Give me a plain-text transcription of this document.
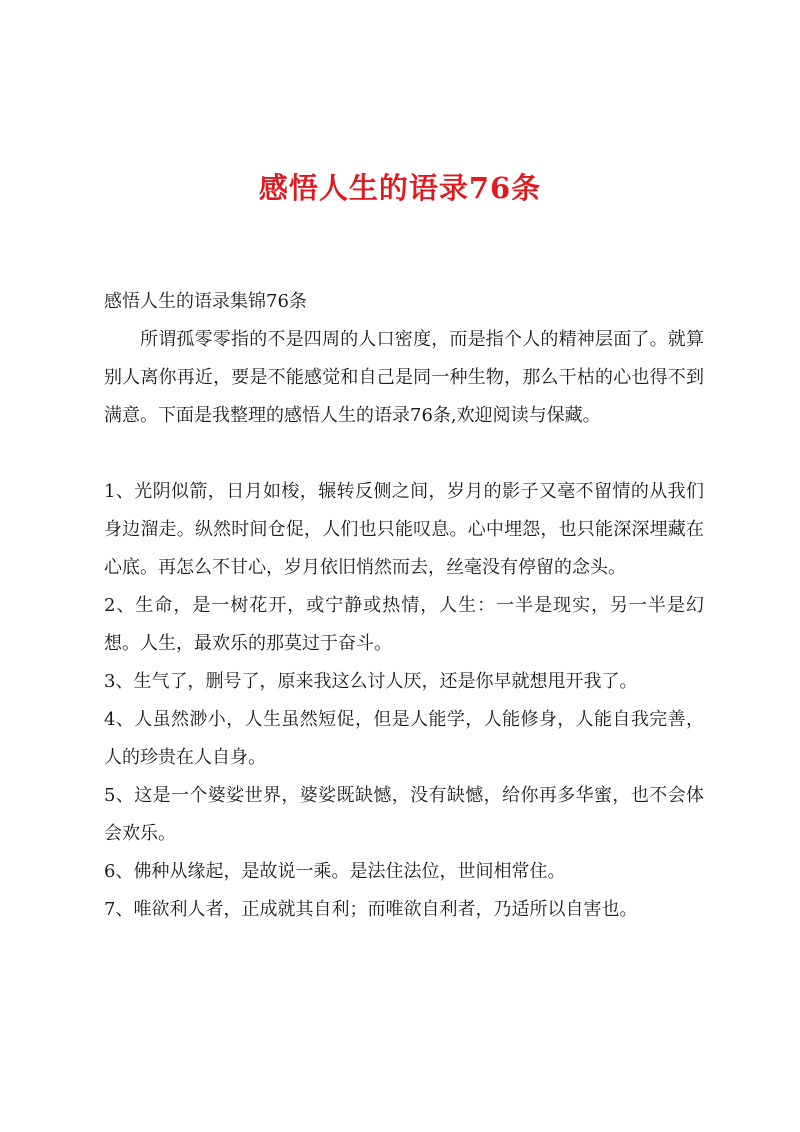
感悟人生的语录76条

感悟人生的语录集锦76条

所谓孤零零指的不是四周的人口密度，而是指个人的精神层面了。就算别人离你再近，要是不能感觉和自己是同一种生物，那么干枯的心也得不到满意。下面是我整理的感悟人生的语录76条,欢迎阅读与保藏。

1、光阴似箭，日月如梭，辗转反侧之间，岁月的影子又毫不留情的从我们身边溜走。纵然时间仓促，人们也只能叹息。心中埋怨，也只能深深埋藏在心底。再怎么不甘心，岁月依旧悄然而去，丝毫没有停留的念头。

2、生命，是一树花开，或宁静或热情，人生：一半是现实，另一半是幻想。人生，最欢乐的那莫过于奋斗。

3、生气了，删号了，原来我这么讨人厌，还是你早就想甩开我了。

4、人虽然渺小，人生虽然短促，但是人能学，人能修身，人能自我完善，人的珍贵在人自身。

5、这是一个婆娑世界，婆娑既缺憾，没有缺憾，给你再多华蜜，也不会体会欢乐。

6、佛种从缘起，是故说一乘。是法住法位，世间相常住。

7、唯欲利人者，正成就其自利；而唯欲自利者，乃适所以自害也。
